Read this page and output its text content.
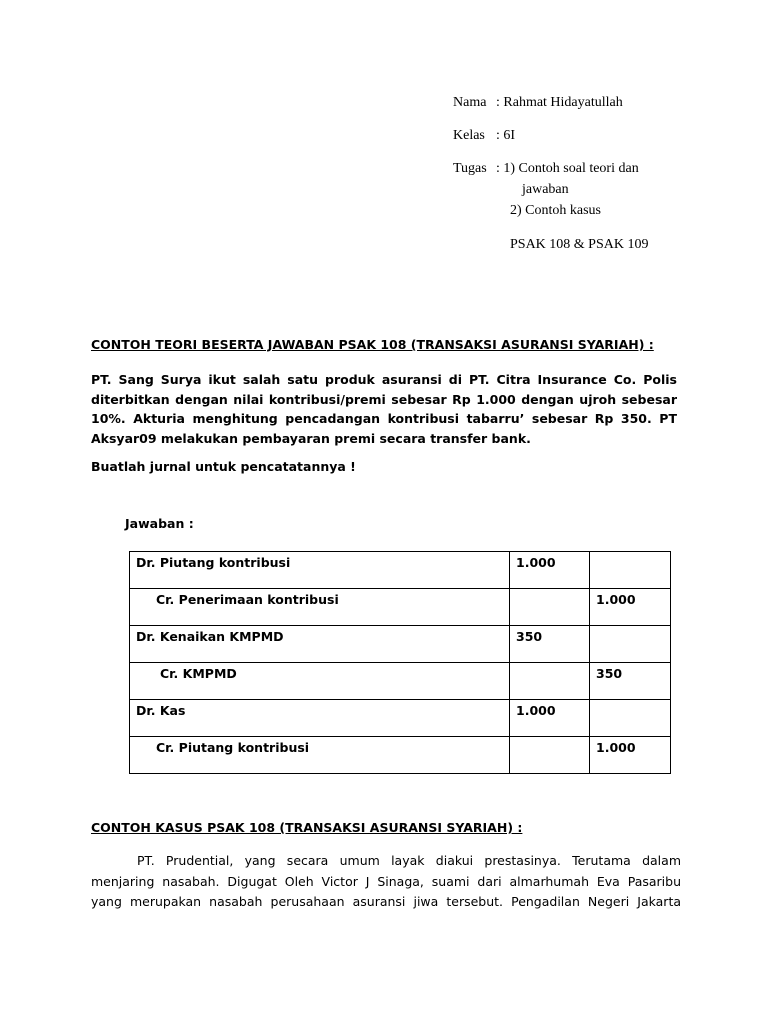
Nama : Rahmat Hidayatullah
Kelas : 6I
Tugas : 1) Contoh soal teori dan
jawaban
2) Contoh kasus
PSAK 108 & PSAK 109
CONTOH TEORI BESERTA JAWABAN PSAK 108 (TRANSAKSI ASURANSI SYARIAH) :
PT. Sang Surya ikut salah satu produk asuransi di PT. Citra Insurance Co. Polis
diterbitkan dengan nilai kontribusi/premi sebesar Rp 1.000 dengan ujroh sebesar
10%. Akturia menghitung pencadangan kontribusi tabarru’ sebesar Rp 350. PT
Aksyar09 melakukan pembayaran premi secara transfer bank.
Buatlah jurnal untuk pencatatannya !
Jawaban :
Dr. Piutang kontribusi	1.000	
Cr. Penerimaan kontribusi		1.000
Dr. Kenaikan KMPMD	350	
Cr. KMPMD		350
Dr. Kas	1.000	
Cr. Piutang kontribusi		1.000
CONTOH KASUS PSAK 108 (TRANSAKSI ASURANSI SYARIAH) :
PT. Prudential, yang secara umum layak diakui prestasinya. Terutama dalam
menjaring nasabah. Digugat Oleh Victor J Sinaga, suami dari almarhumah Eva Pasaribu
yang merupakan nasabah perusahaan asuransi jiwa tersebut. Pengadilan Negeri Jakarta
